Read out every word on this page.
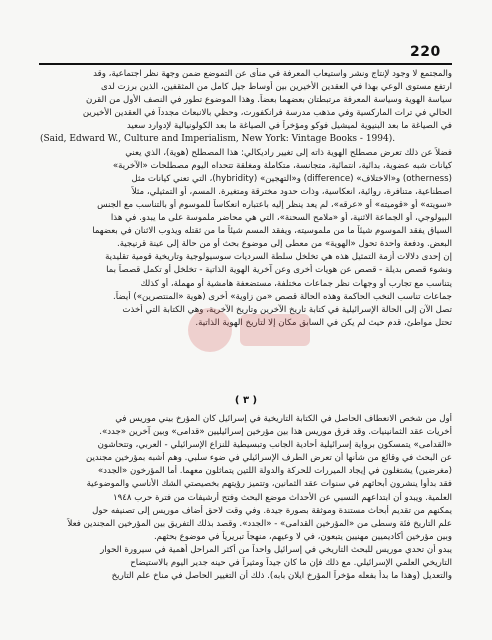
220
والمجتمع لا وجود لإنتاج ونشر واستيعاب المعرفة في منأى عن التموضع ضمن وجهة نظر اجتماعية، وقد
ارتفع مستوى الوعي بهذا في العقدين الأخيرين بين أوساط جيل كامل من المثقفين، الذين برزت لدى
سياسة الهوية وسياسة المعرفة مرتبطتان بعضهما بعضاً. وهذا الموضوع تطور في النصف الأول من القرن
الحالي في ترات الماركسية وفي مذهب مدرسة فرانكفورت، وحظي بالانبعاث مجدداً في العقدين الأخيرين
في الصياغة ما بعد البنيوية لميشيل فوكو ومؤخراً في الصياغة ما بعد الكولونيالية لإدوارد سعيد
(Said, Edward W., Culture and Imperialism, New York: Vintage Books - 1994).
فضلاً عن ذلك تعرض مصطلح الهوية ذاته إلى تغيير راديكالي: هذا المصطلح (هوية)، الذي يعني
كيانات شبه عضوية، بدائية، انتمائية، متجانسة، متكاملة ومغلقة تتحداه اليوم مصطلحات «الآخرية»
(otherness) و«الاختلاف» (difference) و«التهجين» (hybridity)، التي تعني كيانات مثل
اصطناعية، متنافرة، روائية، انعكاسية، وذات حدود مخترقة ومتغيرة. المسم، أو التمثيلي، مثلاً
«سويته» أو «قوميته» أو «عرقه»، لم يعد ينظر إليه باعتباره انعكاساً للموسوم أو بالتناسب مع الجنس
البيولوجي، أو الجماعة الاثنية، أو «ملامح السحنة»، التي هي محاضر ملموسة على ما يبدو. في هذا
السياق يفقد الموسوم شيئاً ما من ملموسيته، ويفقد المسم شيئاً ما من ثقتله ويذوب الاثنان في بعضهما
البعض. ودفعة واحدة تحول «الهوية» من معطى إلى موضوع بحث أو من حالة إلى عينة قرنيجية.
إن إحدى دلالات أزمة التمثيل هذه هي تخلخل سلطة السرديات سوسيولوجية وتاريخية قومية تقليدية
ونشوء قصص بديلة - قصص عن هويات أخرى وعن آخرية الهوية الذاتية - تخلخل أو تكمل قصصاً بما
يتناسب مع تجارب أو وجهات نظر جماعات مختلفة، مستضعفة هامشية أو مهملة، أو كذلك
جماعات تناسب النخب الحاكمة وهذه الحالة قصص «من زاوية» أخرى (هوية «المنتصرين») أيضاً.
تصل الآن إلى الحالة الإسرائيلية في كتابة تاريخ الآخرين وتاريخ الآخرية، وهي الكتابة التي أخذت
تحتل مواطئ، قدم حيث لم يكن في السابق مكان إلا لتاريخ الهوية الذاتية.
( ٣ )
أول من شخص الانعطاف الحاصل في الكتابة التاريخية في إسرائيل كان المؤرخ بيني موريس في
أخريات عقد الثمانينيات. وقد فرق موريس هذا بين مؤرخين إسرائيليين «قدامى» وبين آخرين «جدد».
«القدامى» يتمسكون برواية إسرائيلية أحادية الجانب وتبسيطية للنزاع الإسرائيلي - العربي، وتتحاشون
عن البحث في وقائع من شأنها أن تعرض الطرف الإسرائيلي في ضوء سلبي. وهم أشبه بمؤرخين مجندين
(مغرضين) يشتغلون في إيجاد الميررات للحركة والدولة اللتين يتماثلون معهما. أما المؤرخون «الجدد»
فقد بدأوا ينشرون أبحاثهم في سنوات عقد الثمانين، وتتميز رؤيتهم بخصيصتي الشك الأناسي والموضوعية
العلمية. ويبدو أن ابتداعهم النسبي عن الأحداث موضع البحث وفتح أرشيفات من فترة حرب ١٩٤٨
يمكنهم من تقديم أبحاث مستندة وموثقة بصورة جيدة. وفي وقت لاحق أضاف موريس إلى تصنيفه حول
علم التاريخ فئة وسطى من «المؤرخين القدامى» - «الجدد». وقصد بذلك التفريق بين المؤرخين المجندين فعلاً
وبين مؤرخين أكاديميين مهنيين يتبعون، في لا وعيهم، منهجاً تبريرياً في موضوع بحثهم.
يبدو أن تحدي موريس للبحث التاريخي في إسرائيل واحداً من أكثر المراحل أهمية في سيرورة الحوار
التاريخي العلمي الإسرائيلي. مع ذلك فإن ما كان جيداً ومثيراً في حينه جدير اليوم بالاستيضاح
والتعديل (وهذا ما بدأ بفعله مؤخراً المؤرخ ايلان بابه). ذلك أن التغيير الحاصل في مناخ علم التاريخ
